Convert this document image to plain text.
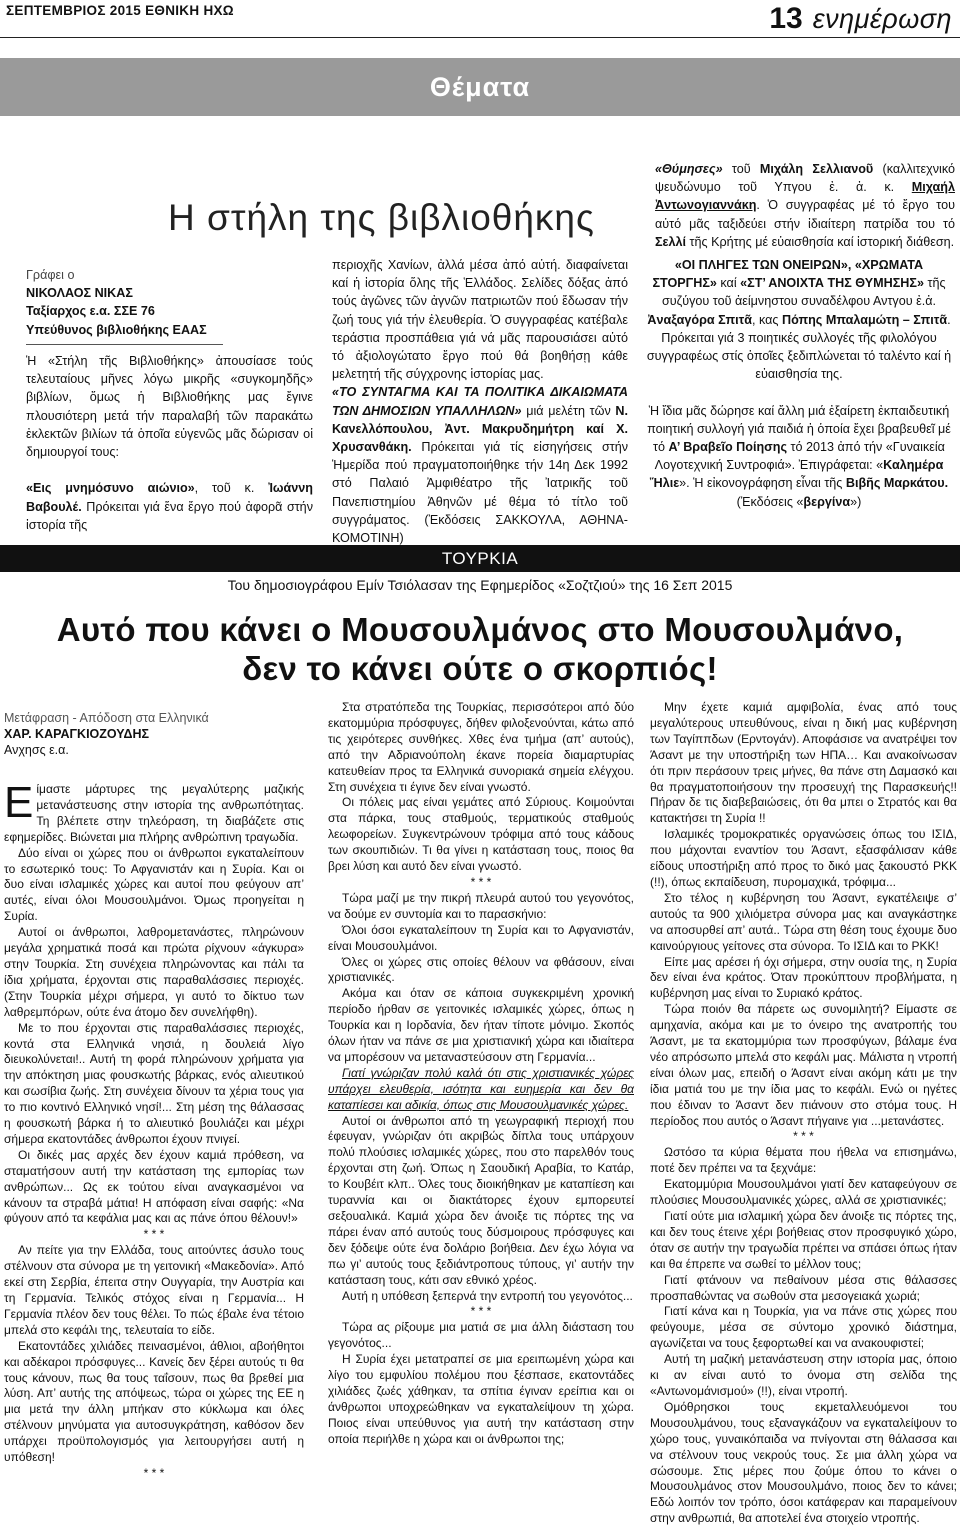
ΣΕΠΤΕΜΒΡΙΟΣ 2015 ΕΘΝΙΚΗ ΗΧΩ	13 ενημέρωση
Θέματα
Η στήλη της βιβλιοθήκης
«Θύμησες» τοῦ Μιχάλη Σελλιανοῦ (καλλιτεχνικό ψευδώνυμο τοῦ Υπγου ἐ. ἀ. κ. Μιχαήλ Ἀντωνογιαννάκη. Ὁ συγγραφέας μέ τό ἔργο του αὐτό μᾶς ταξιδεύει στήν ἰδιαίτερη πατρίδα του τό Σελλί τῆς Κρήτης μέ εὐαισθησία καί ἱστορική διάθεση.
Γράφει ο
ΝΙΚΟΛΑΟΣ ΝΙΚΑΣ
Ταξίαρχος ε.α. ΣΣΕ 76
Υπεύθυνος βιβλιοθήκης ΕΑΑΣ
Ἡ «Στήλη τῆς Βιβλιοθήκης» ἀπουσίασε τούς τελευταίους μῆνες λόγω μικρῆς «συγκομηδῆς» βιβλίων, ὅμως ἡ Βιβλιοθήκης μας ἔγινε πλουσιότερη μετά τήν παραλαβή τῶν παρακάτω ἐκλεκτῶν βιλίων τά ὁποῖα εὐγενῶς μᾶς δώρισαν οἱ δημιουργοί τους:

«Εις μνημόσυνο αιώνιο», τοῦ κ. Ἰωάννη Βαβουλέ. Πρόκειται γιά ἕνα ἔργο πού ἀφορᾶ στήν ἱστορία τῆς
περιοχῆς Χανίων, ἀλλά μέσα ἀπό αὐτή. διαφαίνεται καί ἡ ἱστορία ὅλης τῆς Ἑλλάδος. Σελίδες δόξας ἀπό τούς ἀγῶνες τῶν ἀγνῶν πατριωτῶν πού ἔδωσαν τήν ζωή τους γιά τήν ἐλευθερία. Ὁ συγγραφέας κατέβαλε τεράστια προσπάθεια γιά νά μᾶς παρουσιάσει αὐτό τό ἀξιολογώτατο ἔργο πού θά βοηθήσῃ κάθε μελετητή τῆς σύγχρονης ἱστορίας μας.
«ΤΟ ΣΥΝΤΑΓΜΑ ΚΑΙ ΤΑ ΠΟΛΙΤΙΚΑ ΔΙΚΑΙΩΜΑΤΑ ΤΩΝ ΔΗΜΟΣΙΩΝ ΥΠΑΛΛΗΛΩΝ» μιά μελέτη τῶν Ν. Κανελλόπουλου, Ἀντ. Μακρυδημήτρη καί Χ. Χρυσανθάκη. Πρόκειται γιά τίς εἰσηγήσεις στήν Ἡμερίδα πού πραγματοποιήθηκε τήν 14η Δεκ 1992 στό Παλαιό Ἀμφιθέατρο τῆς Ἰατρικῆς τοῦ Πανεπιστημίου Ἀθηνῶν μέ θέμα τό τίτλο τοῦ συγγράματος. (Ἐκδόσεις ΣΑΚΚΟΥΛΑ, ΑΘΗΝΑ-ΚΟΜΟΤΙΝΗ)
«ΟΙ ΠΛΗΓΕΣ ΤΩΝ ΟΝΕΙΡΩΝ», «ΧΡΩΜΑΤΑ ΣΤΟΡΓΗΣ» καί «ΣΤ’ ΑΝΟΙΧΤΑ ΤΗΣ ΘΥΜΗΣΗΣ» τῆς συζύγου τοῦ ἀείμνηστου συναδέλφου Αντγου ἐ.ἀ. Ἀναξαγόρα Σπιτᾶ, κας Πόπης Μπαλαμώτη – Σπιτᾶ. Πρόκειται γιά 3 ποιητικές συλλογές τῆς φιλολόγου συγγραφέως στίς ὁποῖες ξεδιπλώνεται τό ταλέντο καί ἡ εὐαισθησία της.

Ἡ ἴδια μᾶς δώρησε καί ἄλλη μιά ἐξαίρετη ἐκπαιδευτική ποιητική συλλογή γιά παιδιά ἡ ὁποία ἔχει βραβευθεῖ μέ τό Α’ Βραβεῖο Ποίησης τό 2013 ἀπό τήν «Γυναικεία Λογοτεχνική Συντροφιά». Ἐπιγράφεται: «Καλημέρα Ἥλιε». Ἡ εἰκονογράφηση εἶναι τῆς Βιβῆς Μαρκάτου. (Ἐκδόσεις «βεργίνα»)
ΤΟΥΡΚΙΑ
Του δημοσιογράφου Εμίν Τσιόλασαν της Εφημερίδος «Σοζτζιού» της 16 Σεπ 2015
Αυτό που κάνει ο Μουσουλμάνος στο Μουσουλμάνο,
δεν το κάνει ούτε ο σκορπιός!
Μετάφραση - Απόδοση στα Ελληνικά
ΧΑΡ. ΚΑΡΑΓΚΙΟΖΟΥΔΗΣ
Ανχησς ε.α.
Ε ίμαστε μάρτυρες της μεγαλύτερης μαζικής μετανάστευσης στην ιστορία της ανθρωπότητας. Τη βλέπετε στην τηλεόραση, τη διαβάζετε στις εφημερίδες. Βιώνεται μια πλήρης ανθρώπινη τραγωδία.

Δύο είναι οι χώρες που οι άνθρωποι εγκαταλείπουν το εσωτερικό τους: Το Αφγανιστάν και η Συρία. Και οι δυο είναι ισλαμικές χώρες και αυτοί που φεύγουν απ’ αυτές, είναι όλοι Μουσουλμάνοι. Όμως προηγείται η Συρία.

Αυτοί οι άνθρωποι, λαθρομετανάστες, πληρώνουν μεγάλα χρηματικά ποσά και πρώτα ρίχνουν «άγκυρα» στην Τουρκία. Στη συνέχεια πληρώνοντας και πάλι τα ίδια χρήματα, έρχονται στις παραθαλάσσιες περιοχές. (Στην Τουρκία μέχρι σήμερα, γι αυτό το δίκτυο των λαθρεμπόρων, ούτε ένα άτομο δεν συνελήφθη).

Με το που έρχονται στις παραθαλάσσιες περιοχές, κοντά στα Ελληνικά νησιά, η δουλειά λίγο διευκολύνεται!.. Αυτή τη φορά πληρώνουν χρήματα για την απόκτηση μιας φουσκωτής βάρκας, ενός αλιευτικού και σωσίβια ζωής. Στη συνέχεια δίνουν τα χέρια τους για το πιο κοντινό Ελληνικό νησί!... Στη μέση της θάλασσας η φουσκωτή βάρκα ή το αλιευτικό βουλιάζει και μέχρι σήμερα εκατοντάδες άνθρωποι έχουν πνιγεί.

Οι δικές μας αρχές δεν έχουν καμιά πρόθεση, να σταματήσουν αυτή την κατάσταση της εμπορίας των ανθρώπων... Ως εκ τούτου είναι αναγκασμένοι να κάνουν τα στραβά μάτια! Η απόφαση είναι σαφής: «Να φύγουν από τα κεφάλια μας και ας πάνε όπου θέλουν!»

* * *

Αν πείτε για την Ελλάδα, τους αιτούντες άσυλο τους στέλνουν στα σύνορα με τη γειτονική «Μακεδονία». Από εκεί στη Σερβία, έπειτα στην Ουγγαρία, την Αυστρία και τη Γερμανία. Τελικός στόχος είναι η Γερμανία... Η Γερμανία πλέον δεν τους θέλει. Το πώς έβαλε ένα τέτοιο μπελά στο κεφάλι της, τελευταία το είδε.

Εκατοντάδες χιλιάδες πεινασμένοι, άθλιοι, αβοήθητοι και αδέκαροι πρόσφυγες... Κανείς δεν ξέρει αυτούς τι θα τους κάνουν, πως θα τους ταΐσουν, πως θα βρεθεί μια λύση. Απ’ αυτής της απόψεως, τώρα οι χώρες της ΕΕ η μια μετά την άλλη μπήκαν στο κύκλωμα και όλες στέλνουν μηνύματα για αυτοσυγκράτηση, καθόσον δεν υπάρχει προϋπολογισμός για λειτουργήσει αυτή η υπόθεση!

* * *

Στα στρατόπεδα της Τουρκίας, περισσότεροι από δύο εκατομμύρια πρόσφυγες, δήθεν φιλοξενούνται, κάτω από τις χειρότερες συνθήκες. Χθες ένα τμήμα (απ’ αυτούς), από την Αδριανούπολη έκανε πορεία διαμαρτυρίας κατευθείαν προς τα Ελληνικά συνοριακά σημεία ελέγχου. Στη συνέχεια τι έγινε δεν είναι γνωστό.

Οι πόλεις μας είναι γεμάτες από Σύριους. Κοιμούνται στα πάρκα, τους σταθμούς, τερματικούς σταθμούς λεωφορείων. Συγκεντρώνουν τρόφιμα από τους κάδους των σκουπιδιών. Τι θα γίνει η κατάσταση τους, ποιος θα βρει λύση και αυτό δεν είναι γνωστό.

* * *

Τώρα μαζί με την πικρή πλευρά αυτού του γεγονότος, να δούμε εν συντομία και το παρασκήνιο:

Όλοι όσοι εγκαταλείπουν τη Συρία και το Αφγανιστάν, είναι Μουσουλμάνοι.

Όλες οι χώρες στις οποίες θέλουν να φθάσουν, είναι χριστιανικές.

Ακόμα και όταν σε κάποια συγκεκριμένη χρονική περίοδο ήρθαν σε γειτονικές ισλαμικές χώρες, όπως η Τουρκία και η Ιορδανία, δεν ήταν τίποτε μόνιμο. Σκοπός όλων ήταν να πάνε σε μια χριστιανική χώρα και ιδιαίτερα να μπορέσουν να μεταναστεύσουν στη Γερμανία...

Γιατί γνώριζαν πολύ καλά ότι στις χριστιανικές χώρες υπάρχει ελευθερία, ισότητα και ευημερία και δεν θα καταπίεσει και αδικία, όπως στις Μουσουλμανικές χώρες.

Αυτοί οι άνθρωποι από τη γεωγραφική περιοχή που έφευγαν, γνώριζαν ότι ακριβώς δίπλα τους υπάρχουν πολύ πλούσιες ισλαμικές χώρες, που στο παρελθόν τους έρχονται στη ζωή. Όπως η Σαουδική Αραβία, το Κατάρ, το Κουβέιτ κλπ.. Όλες τους διοικήθηκαν με καταπίεση και τυραννία και οι διακτάτορες έχουν εμπορευτεί σεξουαλικά. Καμιά χώρα δεν άνοιξε τις πόρτες της να πάρει έναν από αυτούς τους δύσμοιρους πρόσφυγες και δεν ξόδεψε ούτε ένα δολάριο βοήθεια. Δεν έχω λόγια να πω γι’ αυτούς τους ξεδιάντροπους τύπους, γι’ αυτήν την κατάσταση τους, κάτι σαν εθνικό χρέος.

Αυτή η υπόθεση ξεπερνά την εντροπή του γεγονότος...

* * *

Τώρα ας ρίξουμε μια ματιά σε μια άλλη διάσταση του γεγονότος...

Η Συρία έχει μετατραπεί σε μια ερειπωμένη χώρα και λίγο του εμφυλίου πολέμου που ξέσπασε, εκατοντάδες χιλιάδες ζωές χάθηκαν, τα σπίτια έγιναν ερείπια και οι άνθρωποι υποχρεώθηκαν να εγκαταλείψουν τη χώρα. Ποιος είναι υπεύθυνος για αυτή την κατάσταση στην οποία περιήλθε η χώρα και οι άνθρωποι της;

Μην έχετε καμιά αμφιβολία, ένας από τους μεγαλύτερους υπευθύνους, είναι η δική μας κυβέρνηση των Ταγίππδων (Ερντογάν). Αποφάσισε να ανατρέψει τον Άσαντ με την υποστήριξη των ΗΠΑ… Και ανακοίνωσαν ότι πριν περάσουν τρεις μήνες, θα πάνε στη Δαμασκό και θα πραγματοποιήσουν την προσευχή της Παρασκευής!! Πήραν δε τις διαβεβαιώσεις, ότι θα μπει ο Στρατός και θα κατακτήσει τη Συρία !!

Ισλαμικές τρομοκρατικές οργανώσεις όπως του ΙΣΙΔ, που μάχονται εναντίον του Άσαντ, εξασφάλισαν κάθε είδους υποστήριξη από προς το δικό μας ξακουστό ΡΚΚ (!!), όπως εκπαίδευση, πυρομαχικά, τρόφιμα...

Στο τέλος η κυβέρνηση του Άσαντ, εγκατέλειψε σ’ αυτούς τα 900 χιλιόμετρα σύνορα μας και αναγκάστηκε να αποσυρθεί απ’ αυτά.. Τώρα στη θέση τους έχουμε δυο καινούργιους γείτονες στα σύνορα. Το ΙΣΙΔ και το ΡΚΚ!

Είπε μας αρέσει ή όχι σήμερα, στην ουσία της, η Συρία δεν είναι ένα κράτος. Όταν προκύπτουν προβλήματα, η κυβέρνηση μας είναι το Συριακό κράτος.

Τώρα ποιόν θα πάρετε ως συνομιλητή? Είμαστε σε αμηχανία, ακόμα και με το όνειρο της ανατροπής του Άσαντ, με τα εκατομμύρια των προσφύγων, βάλαμε ένα νέο απρόσωπο μπελά στο κεφάλι μας. Μάλιστα η ντροπή είναι όλων μας, επειδή ο Άσαντ είναι ακόμη κάτι με την ίδια ματιά του με την ίδια μας το κεφάλι. Ενώ οι ηγέτες που έδιναν το Άσαντ δεν πιάνουν στο στόμα τους. Η περίοδος που αυτός ο Άσαντ πήγαινε για ...μετανάστες.

* * *

Ωστόσο τα κύρια θέματα που ήθελα να επισημάνω, ποτέ δεν πρέπει να τα ξεχνάμε:

Εκατομμύρια Μουσουλμάνοι γιατί δεν καταφεύγουν σε πλούσιες Μουσουλμανικές χώρες, αλλά σε χριστιανικές;

Γιατί ούτε μια ισλαμική χώρα δεν άνοιξε τις πόρτες της, και δεν τους έτεινε χέρι βοήθειας στον προσφυγικό χώρο, όταν σε αυτήν την τραγωδία πρέπει να σπάσει όπως ήταν και θα έπρεπε να σωθεί το μέλλον τους;

Γιατί φτάνουν να πεθαίνουν μέσα στις θάλασσες προσπαθώντας να σωθούν στα μεσογειακά χωριά;

Γιατί κάνα και η Τουρκία, για να πάνε στις χώρες που φεύγουμε, μέσα σε σύντομο χρονικό διάστημα, αγωνίζεται να τους ξεφορτωθεί και να ανακουφιστεί;

Αυτή τη μαζική μετανάστευση στην ιστορία μας, όποιο κι αν είναι αυτό το όνομα στη σελίδα της «Αντωνομάνισμού» (!!), είναι ντροπή.

Ομόθρησκοι τους εκμεταλλευόμενοι του Μουσουλμάνου, τους εξαναγκάζουν να εγκαταλείψουν το χώρο τους, γυναικόπαιδα να πνίγονται στη θάλασσα και να στέλνουν τους νεκρούς τους. Σε μια άλλη χώρα να σώσουμε. Στις μέρες που ζούμε όπου το κάνει ο Μουσουλμάνος στον Μουσουλμάνο, ποιος δεν το κάνει; Εδώ λοιπόν τον τρόπο, όσοι κατάφεραν και παραμείνουν στην ανθρωπιά, θα αποτελεί ένα στοιχείο ντροπής.
